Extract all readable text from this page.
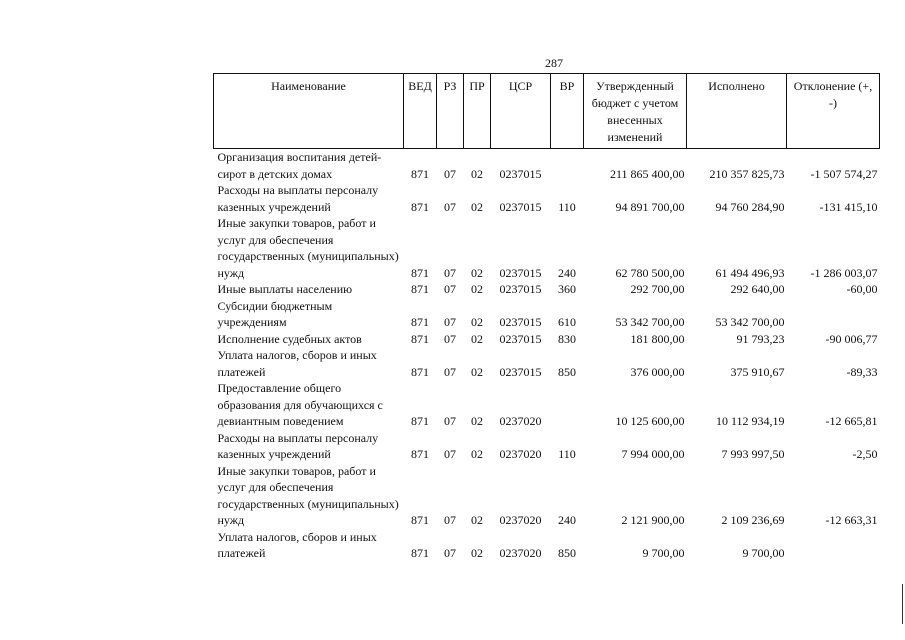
287
Наименование	ВЕД	РЗ	ПР	ЦСР	ВР	Утвержденный бюджет с учетом внесенных изменений	Исполнено	Отклонение (+, -)
Организация воспитания детей-сирот в детских домах	871	07	02	0237015		211 865 400,00	210 357 825,73	-1 507 574,27
Расходы на выплаты персоналу казенных учреждений	871	07	02	0237015	110	94 891 700,00	94 760 284,90	-131 415,10
Иные закупки товаров, работ и услуг для обеспечения государственных (муниципальных) нужд	871	07	02	0237015	240	62 780 500,00	61 494 496,93	-1 286 003,07
Иные выплаты населению	871	07	02	0237015	360	292 700,00	292 640,00	-60,00
Субсидии бюджетным учреждениям	871	07	02	0237015	610	53 342 700,00	53 342 700,00	
Исполнение судебных актов	871	07	02	0237015	830	181 800,00	91 793,23	-90 006,77
Уплата налогов, сборов и иных платежей	871	07	02	0237015	850	376 000,00	375 910,67	-89,33
Предоставление общего образования для обучающихся с девиантным поведением	871	07	02	0237020		10 125 600,00	10 112 934,19	-12 665,81
Расходы на выплаты персоналу казенных учреждений	871	07	02	0237020	110	7 994 000,00	7 993 997,50	-2,50
Иные закупки товаров, работ и услуг для обеспечения государственных (муниципальных) нужд	871	07	02	0237020	240	2 121 900,00	2 109 236,69	-12 663,31
Уплата налогов, сборов и иных платежей	871	07	02	0237020	850	9 700,00	9 700,00	
